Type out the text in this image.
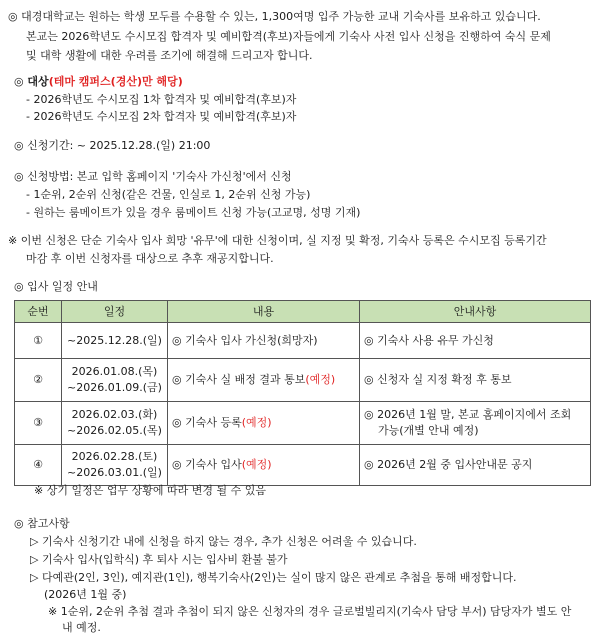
◎ 대경대학교는 원하는 학생 모두를 수용할 수 있는, 1,300여명 입주 가능한 교내 기숙사를 보유하고 있습니다.
본교는 2026학년도 수시모집 합격자 및 예비합격(후보)자들에게 기숙사 사전 입사 신청을 진행하여 숙식 문제
및 대학 생활에 대한 우려를 조기에 해결해 드리고자 합니다.
◎ 대상(테마 캠퍼스(경산)만 해당)
- 2026학년도 수시모집 1차 합격자 및 예비합격(후보)자
- 2026학년도 수시모집 2차 합격자 및 예비합격(후보)자
◎ 신청기간: ~ 2025.12.28.(일) 21:00
◎ 신청방법: 본교 입학 홈페이지 '기숙사 가신청'에서 신청
- 1순위, 2순위 신청(같은 건물, 인실로 1, 2순위 신청 가능)
- 원하는 룸메이트가 있을 경우 룸메이트 신청 가능(고교명, 성명 기재)
※ 이번 신청은 단순 기숙사 입사 희망 '유무'에 대한 신청이며, 실 지정 및 확정, 기숙사 등록은 수시모집 등록기간
마감 후 이번 신청자를 대상으로 추후 재공지합니다.
◎ 입사 일정 안내
순번	일정	내용	안내사항
①	~2025.12.28.(일)	◎ 기숙사 입사 가신청(희망자)	◎ 기숙사 사용 유무 가신청

②	2026.01.08.(목)
~2026.01.09.(금)	◎ 기숙사 실 배정 결과 통보(예정)	◎ 신청자 실 지정 확정 후 통보

③	2026.02.03.(화)
~2026.02.05.(목)	◎ 기숙사 등록(예정)	◎ 2026년 1월 말, 본교 홈페이지에서 조회
가능(개별 안내 예정)

④	2026.02.28.(토)
~2026.03.01.(일)	◎ 기숙사 입사(예정)	◎ 2026년 2월 중 입사안내문 공지
※ 상기 일정은 업무 상황에 따라 변경 될 수 있음
◎ 참고사항
▷ 기숙사 신청기간 내에 신청을 하지 않는 경우, 추가 신청은 어려울 수 있습니다.
▷ 기숙사 입사(입학식) 후 퇴사 시는 입사비 환불 불가
▷ 다예관(2인, 3인), 예지관(1인), 행복기숙사(2인)는 실이 많지 않은 관계로 추첨을 통해 배정합니다.
(2026년 1월 중)
※ 1순위, 2순위 추첨 결과 추첨이 되지 않은 신청자의 경우 글로벌빌리지(기숙사 담당 부서) 담당자가 별도 안
내 예정.
